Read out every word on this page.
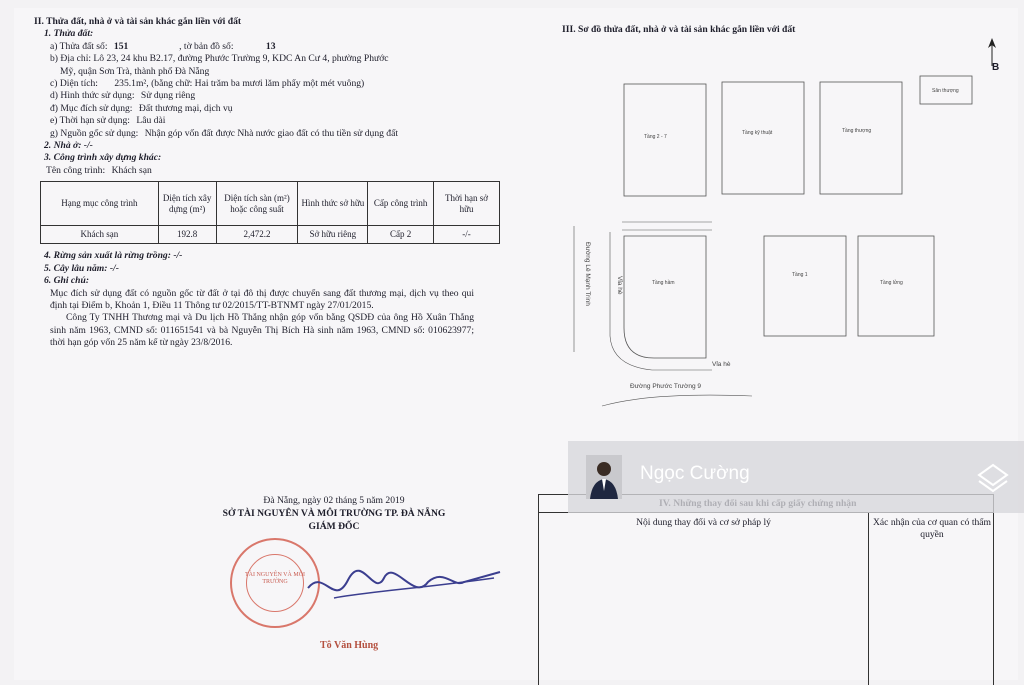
II. Thửa đất, nhà ở và tài sản khác gắn liền với đất
1. Thửa đất:
a) Thửa đất số: 151	, tờ bản đồ số:	13
b) Địa chỉ: Lô 23, 24 khu B2.17, đường Phước Trường 9, KDC An Cư 4, phường Phước
Mỹ, quận Sơn Trà, thành phố Đà Nẵng
c) Diện tích: 235.1m², (bằng chữ: Hai trăm ba mươi lăm phẩy một mét vuông)
d) Hình thức sử dụng: Sử dụng riêng
đ) Mục đích sử dụng: Đất thương mại, dịch vụ
e) Thời hạn sử dụng: Lâu dài
g) Nguồn gốc sử dụng: Nhận góp vốn đất được Nhà nước giao đất có thu tiền sử dụng đất
2. Nhà ở: -/-
3. Công trình xây dựng khác:
Tên công trình: Khách sạn
Hạng mục công trình	Diện tích xây dựng (m²)	Diện tích sàn (m²) hoặc công suất	Hình thức sở hữu	Cấp công trình	Thời hạn sở hữu
Khách sạn	192.8	2,472.2	Sở hữu riêng	Cấp 2	-/-
4. Rừng sản xuất là rừng trồng: -/-
5. Cây lâu năm: -/-
6. Ghi chú:
Mục đích sử dụng đất có nguồn gốc từ đất ở tại đô thị được chuyển sang đất thương mại, dịch vụ theo qui định tại Điểm b, Khoản 1, Điều 11 Thông tư 02/2015/TT-BTNMT ngày 27/01/2015.
Công Ty TNHH Thương mại và Du lịch Hồ Thắng nhận góp vốn bằng QSDĐ của ông Hồ Xuân Thắng sinh năm 1963, CMND số: 011651541 và bà Nguyễn Thị Bích Hà sinh năm 1963, CMND số: 010623977; thời hạn góp vốn 25 năm kể từ ngày 23/8/2016.
Đà Nẵng, ngày 02 tháng 5 năm 2019
SỞ TÀI NGUYÊN VÀ MÔI TRƯỜNG TP. ĐÀ NẴNG
GIÁM ĐỐC
TÀI NGUYÊN VÀ MÔI TRƯỜNG
Tô Văn Hùng
III. Sơ đồ thửa đất, nhà ở và tài sản khác gắn liền với đất
Tầng 2 - 7
Tầng kỹ thuật	Tầng thượng
Sân thượng
Tầng hầm
Tầng 1
Tầng lửng
Đường Lê Mạnh Trinh	Vỉa hè
Vỉa hè
Đường Phước Trường 9
B
Nội dung thay đổi và cơ sở pháp lý	Xác nhận của cơ quan có thẩm quyền
Ngọc Cường
